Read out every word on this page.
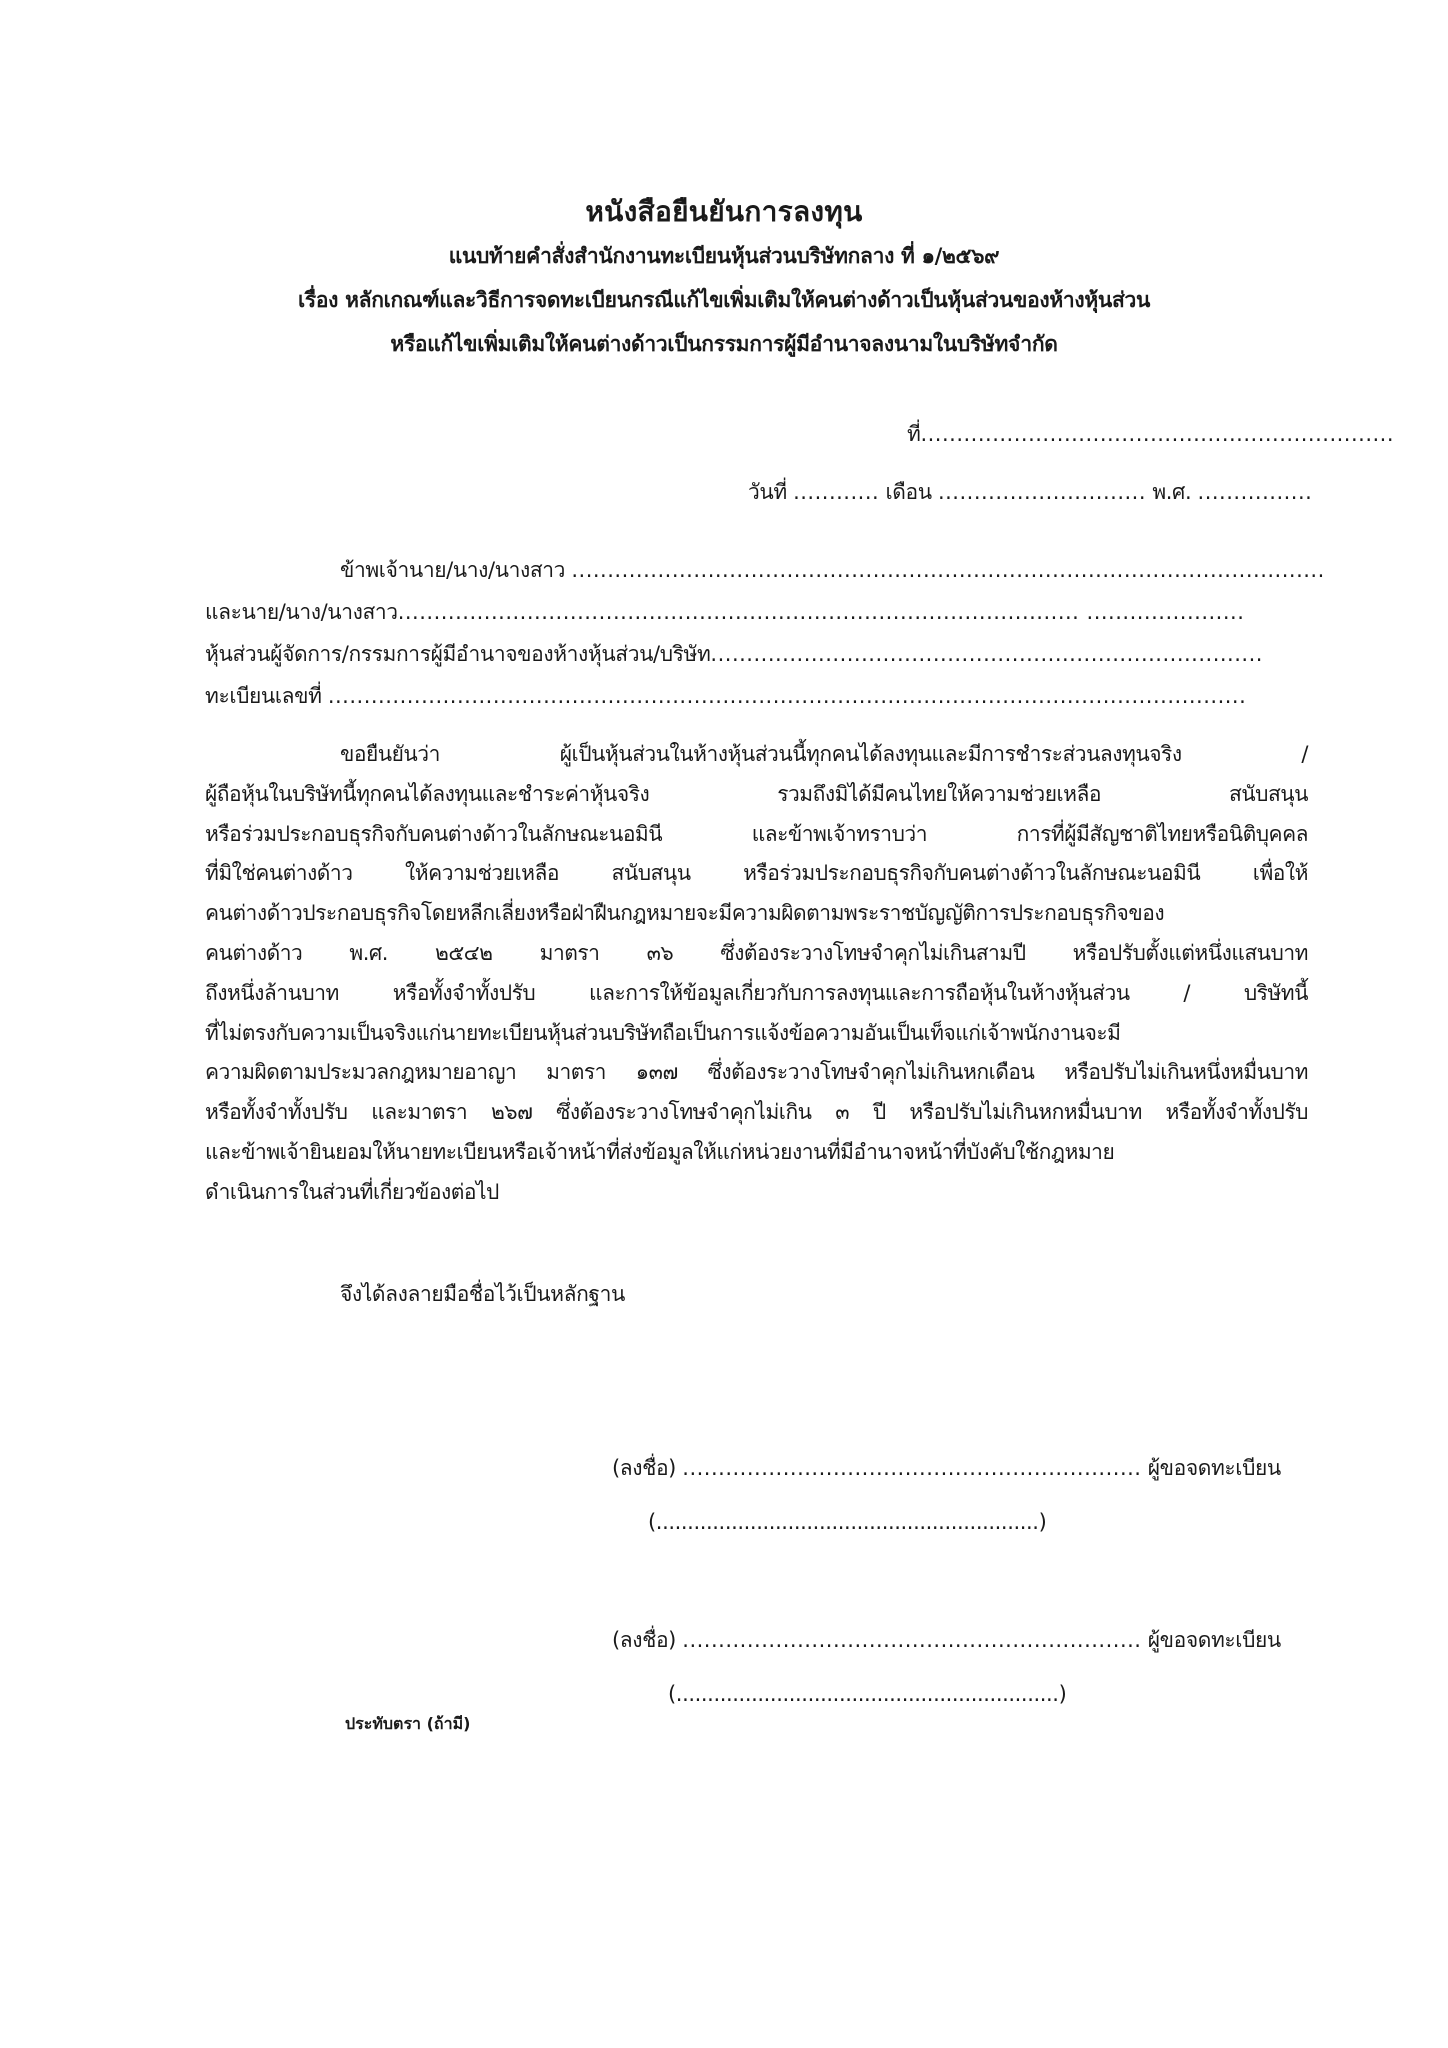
หนังสือยืนยันการลงทุน
แนบท้ายคำสั่งสำนักงานทะเบียนหุ้นส่วนบริษัทกลาง ที่ ๑/๒๕๖๙
เรื่อง หลักเกณฑ์และวิธีการจดทะเบียนกรณีแก้ไขเพิ่มเติมให้คนต่างด้าวเป็นหุ้นส่วนของห้างหุ้นส่วน
หรือแก้ไขเพิ่มเติมให้คนต่างด้าวเป็นกรรมการผู้มีอำนาจลงนามในบริษัทจำกัด
ที่..................................................................
วันที่ ............ เดือน ............................. พ.ศ. ................
ข้าพเจ้านาย/นาง/นางสาว .........................................................................................................
และนาย/นาง/นางสาว............................................................................................... ......................
หุ้นส่วนผู้จัดการ/กรรมการผู้มีอำนาจของห้างหุ้นส่วน/บริษัท.............................................................................
ทะเบียนเลขที่ ................................................................................................................................
ขอยืนยันว่า ผู้เป็นหุ้นส่วนในห้างหุ้นส่วนนี้ทุกคนได้ลงทุนและมีการชำระส่วนลงทุนจริง /
ผู้ถือหุ้นในบริษัทนี้ทุกคนได้ลงทุนและชำระค่าหุ้นจริง รวมถึงมิได้มีคนไทยให้ความช่วยเหลือ สนับสนุน
หรือร่วมประกอบธุรกิจกับคนต่างด้าวในลักษณะนอมินี และข้าพเจ้าทราบว่า การที่ผู้มีสัญชาติไทยหรือนิติบุคคล
ที่มิใช่คนต่างด้าว ให้ความช่วยเหลือ สนับสนุน หรือร่วมประกอบธุรกิจกับคนต่างด้าวในลักษณะนอมินี เพื่อให้
คนต่างด้าวประกอบธุรกิจโดยหลีกเลี่ยงหรือฝ่าฝืนกฎหมายจะมีความผิดตามพระราชบัญญัติการประกอบธุรกิจของ
คนต่างด้าว พ.ศ. ๒๕๔๒ มาตรา ๓๖ ซึ่งต้องระวางโทษจำคุกไม่เกินสามปี หรือปรับตั้งแต่หนึ่งแสนบาท
ถึงหนึ่งล้านบาท หรือทั้งจำทั้งปรับ และการให้ข้อมูลเกี่ยวกับการลงทุนและการถือหุ้นในห้างหุ้นส่วน / บริษัทนี้
ที่ไม่ตรงกับความเป็นจริงแก่นายทะเบียนหุ้นส่วนบริษัทถือเป็นการแจ้งข้อความอันเป็นเท็จแก่เจ้าพนักงานจะมี
ความผิดตามประมวลกฎหมายอาญา มาตรา ๑๓๗ ซึ่งต้องระวางโทษจำคุกไม่เกินหกเดือน หรือปรับไม่เกินหนึ่งหมื่นบาท
หรือทั้งจำทั้งปรับ และมาตรา ๒๖๗ ซึ่งต้องระวางโทษจำคุกไม่เกิน ๓ ปี หรือปรับไม่เกินหกหมื่นบาท หรือทั้งจำทั้งปรับ
และข้าพเจ้ายินยอมให้นายทะเบียนหรือเจ้าหน้าที่ส่งข้อมูลให้แก่หน่วยงานที่มีอำนาจหน้าที่บังคับใช้กฎหมาย
ดำเนินการในส่วนที่เกี่ยวข้องต่อไป
จึงได้ลงลายมือชื่อไว้เป็นหลักฐาน
(ลงชื่อ) ................................................................ ผู้ขอจดทะเบียน
(.............................................................)
(ลงชื่อ) ................................................................ ผู้ขอจดทะเบียน
(.............................................................)
ประทับตรา (ถ้ามี)
